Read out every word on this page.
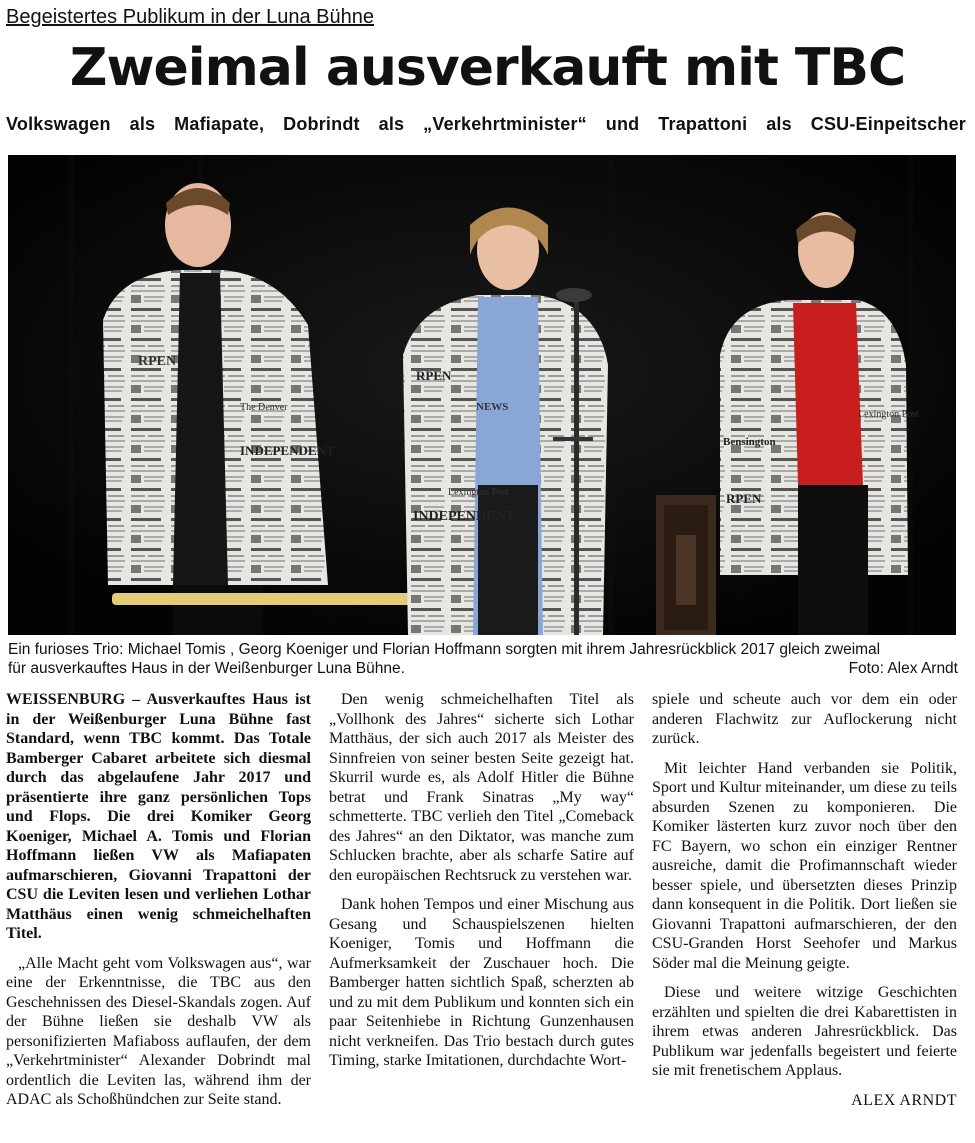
Begeistertes Publikum in der Luna Bühne
Zweimal ausverkauft mit TBC
Volkswagen als Mafiapate, Dobrindt als „Verkehrtminister“ und Trapattoni als CSU-Einpeitscher
RPEN
INDEPENDENT
The Denver
RPEN
INDEPENDENT
Lexington Post
NEWS
Bensington
RPEN
Lexington Post
Ein furioses Trio: Michael Tomis , Georg Koeniger und Florian Hoffmann sorgten mit ihrem Jahresrückblick 2017 gleich zweimal
für ausverkauftes Haus in der Weißenburger Luna Bühne.	Foto: Alex Arndt

WEISSENBURG – Ausverkauftes Haus ist in der Weißenburger Luna Bühne fast Standard, wenn TBC kommt. Das Totale Bamberger Cabaret arbeitete sich diesmal durch das abgelaufene Jahr 2017 und präsentierte ihre ganz persönlichen Tops und Flops. Die drei Komiker Georg Koeniger, Michael A. Tomis und Florian Hoffmann ließen VW als Mafiapaten aufmarschieren, Giovanni Trapattoni der CSU die Leviten lesen und verliehen Lothar Matthäus einen wenig schmeichelhaften Titel.

„Alle Macht geht vom Volkswagen aus“, war eine der Erkenntnisse, die TBC aus den Geschehnissen des Diesel-Skandals zogen. Auf der Bühne ließen sie deshalb VW als personifizierten Mafiaboss auflaufen, der dem „Verkehrtminister“ Alexander Dobrindt mal ordentlich die Leviten las, während ihm der ADAC als Schoßhündchen zur Seite stand.

Den wenig schmeichelhaften Titel als „Vollhonk des Jahres“ sicherte sich Lothar Matthäus, der sich auch 2017 als Meister des Sinnfreien von seiner besten Seite gezeigt hat. Skurril wurde es, als Adolf Hitler die Bühne betrat und Frank Sinatras „My way“ schmetterte. TBC verlieh den Titel „Comeback des Jahres“ an den Diktator, was manche zum Schlucken brachte, aber als scharfe Satire auf den europäischen Rechtsruck zu verstehen war.

Dank hohen Tempos und einer Mischung aus Gesang und Schauspielszenen hielten Koeniger, Tomis und Hoffmann die Aufmerksamkeit der Zuschauer hoch. Die Bamberger hatten sichtlich Spaß, scherzten ab und zu mit dem Publikum und konnten sich ein paar Seitenhiebe in Richtung Gunzenhausen nicht verkneifen. Das Trio bestach durch gutes Timing, starke Imitationen, durchdachte Wort-

spiele und scheute auch vor dem ein oder anderen Flachwitz zur Auflockerung nicht zurück.

Mit leichter Hand verbanden sie Politik, Sport und Kultur miteinander, um diese zu teils absurden Szenen zu komponieren. Die Komiker lästerten kurz zuvor noch über den FC Bayern, wo schon ein einziger Rentner ausreiche, damit die Profimannschaft wieder besser spiele, und übersetzten dieses Prinzip dann konsequent in die Politik. Dort ließen sie Giovanni Trapattoni aufmarschieren, der den CSU-Granden Horst Seehofer und Markus Söder mal die Meinung geigte.

Diese und weitere witzige Geschichten erzählten und spielten die drei Kabarettisten in ihrem etwas anderen Jahresrückblick. Das Publikum war jedenfalls begeistert und feierte sie mit frenetischem Applaus.

ALEX ARNDT
